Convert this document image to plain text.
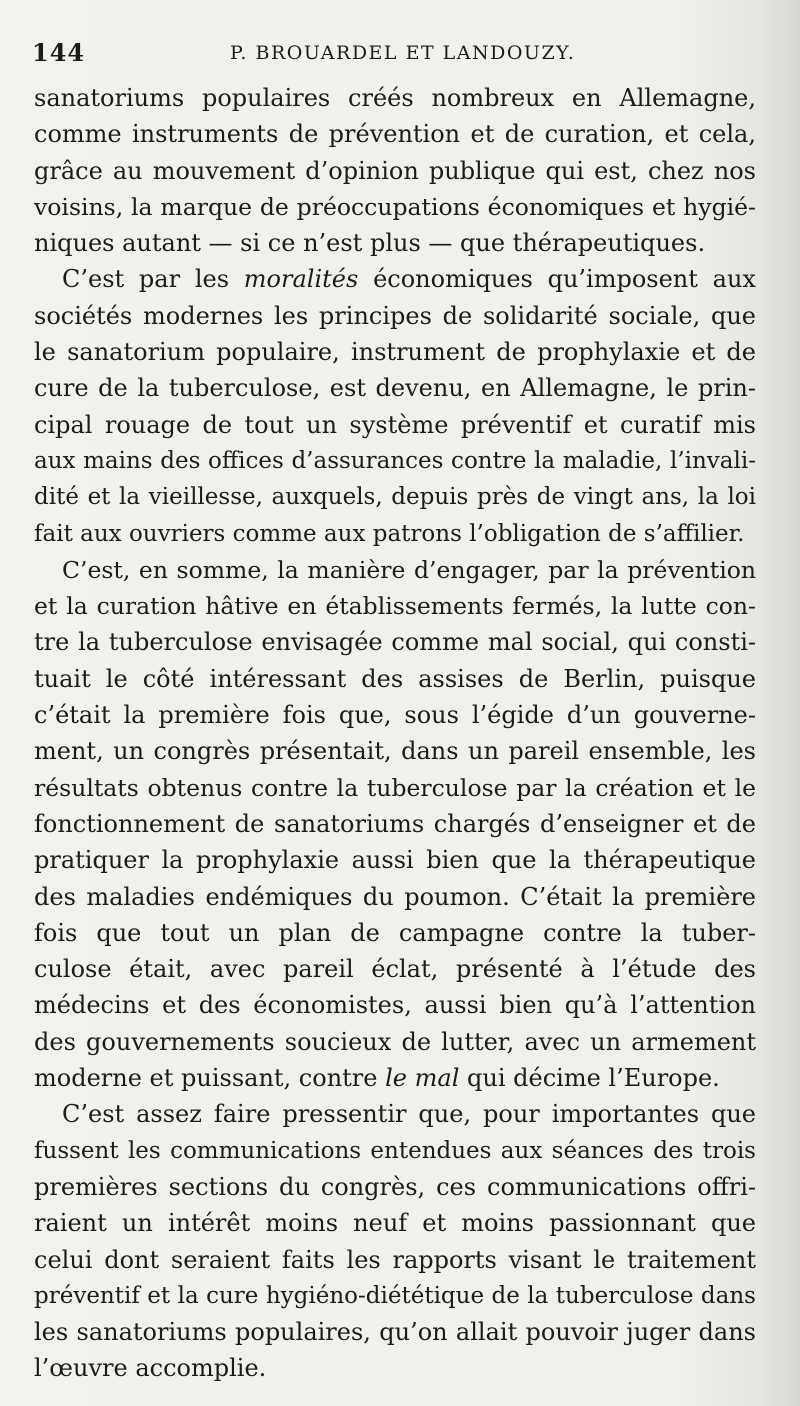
144	P. BROUARDEL ET LANDOUZY.
sanatoriums populaires créés nombreux en Allemagne,
comme instruments de prévention et de curation, et cela,
grâce au mouvement d’opinion publique qui est, chez nos
voisins, la marque de préoccupations économiques et hygié-
niques autant — si ce n’est plus — que thérapeutiques.
C’est par les moralités économiques qu’imposent aux
sociétés modernes les principes de solidarité sociale, que
le sanatorium populaire, instrument de prophylaxie et de
cure de la tuberculose, est devenu, en Allemagne, le prin-
cipal rouage de tout un système préventif et curatif mis
aux mains des offices d’assurances contre la maladie, l’invali-
dité et la vieillesse, auxquels, depuis près de vingt ans, la loi
fait aux ouvriers comme aux patrons l’obligation de s’affilier.
C’est, en somme, la manière d’engager, par la prévention
et la curation hâtive en établissements fermés, la lutte con-
tre la tuberculose envisagée comme mal social, qui consti-
tuait le côté intéressant des assises de Berlin, puisque
c’était la première fois que, sous l’égide d’un gouverne-
ment, un congrès présentait, dans un pareil ensemble, les
résultats obtenus contre la tuberculose par la création et le
fonctionnement de sanatoriums chargés d’enseigner et de
pratiquer la prophylaxie aussi bien que la thérapeutique
des maladies endémiques du poumon. C’était la première
fois que tout un plan de campagne contre la tuber-
culose était, avec pareil éclat, présenté à l’étude des
médecins et des économistes, aussi bien qu’à l’attention
des gouvernements soucieux de lutter, avec un armement
moderne et puissant, contre le mal qui décime l’Europe.
C’est assez faire pressentir que, pour importantes que
fussent les communications entendues aux séances des trois
premières sections du congrès, ces communications offri-
raient un intérêt moins neuf et moins passionnant que
celui dont seraient faits les rapports visant le traitement
préventif et la cure hygiéno-diététique de la tuberculose dans
les sanatoriums populaires, qu’on allait pouvoir juger dans
l’œuvre accomplie.
